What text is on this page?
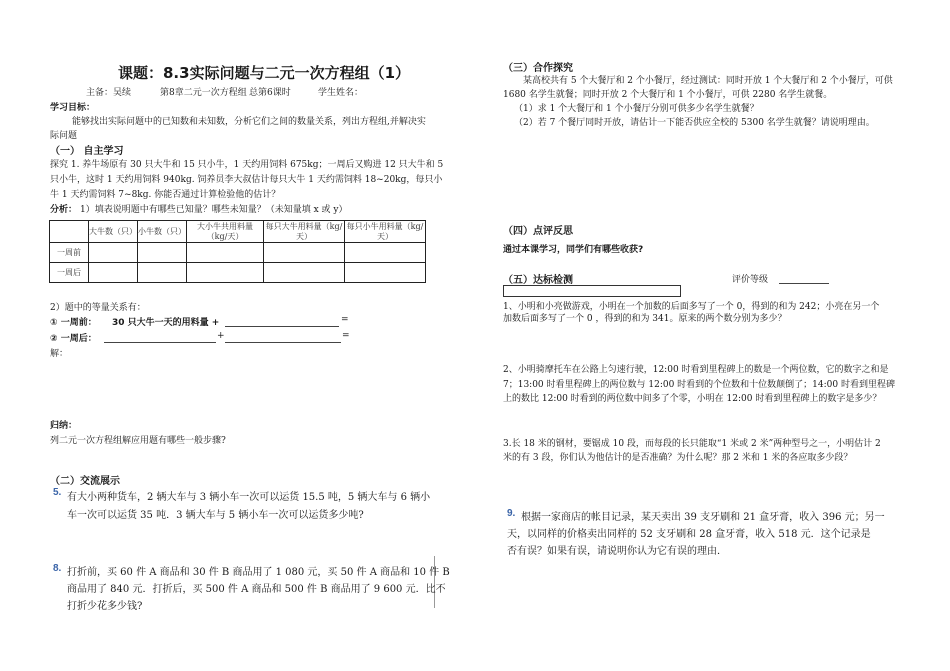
课题：8.3实际问题与二元一次方程组（1）
主备：吴续	第8章二元一次方程组 总第6课时	学生姓名：
学习目标：
能够找出实际问题中的已知数和未知数，分析它们之间的数量关系，列出方程组,并解决实
际问题
（一） 自主学习
探究 1. 养牛场原有 30 只大牛和 15 只小牛，1 天约用饲料 675kg；一周后又购进 12 只大牛和 5
只小牛，这时 1 天约用饲料 940kg. 饲养员李大叔估计每只大牛 1 天约需饲料 18~20kg，每只小
牛 1 天约需饲料 7~8kg. 你能否通过计算检验他的估计？
分析： 1）填表说明题中有哪些已知量？哪些未知量？（未知量填 x 或 y）
	大牛数（只）	小牛数（只）	大小牛共用料量（kg/天）	每只大牛用料量（kg/天）	每只小牛用料量（kg/天）
一周前					
一周后					
2）题中的等量关系有：
① 一周前： 30 只大牛一天的用料量 +	=
② 一周后：	+	=
解：
归纳：
列二元一次方程组解应用题有哪些一般步骤?
（二）交流展示
5. 有大小两种货车，2 辆大车与 3 辆小车一次可以运货 15.5 吨，5 辆大车与 6 辆小
车一次可以运货 35 吨．3 辆大车与 5 辆小车一次可以运货多少吨?
8. 打折前，买 60 件 A 商品和 30 件 B 商品用了 1 080 元，买 50 件 A 商品和 10 件 B
商品用了 840 元．打折后，买 500 件 A 商品和 500 件 B 商品用了 9 600 元．比不
打折少花多少钱?
（三）合作探究
某高校共有 5 个大餐厅和 2 个小餐厅，经过测试：同时开放 1 个大餐厅和 2 个小餐厅，可供
1680 名学生就餐；同时开放 2 个大餐厅和 1 个小餐厅，可供 2280 名学生就餐。
（1）求 1 个大餐厅和 1 个小餐厅分别可供多少名学生就餐？
（2）若 7 个餐厅同时开放，请估计一下能否供应全校的 5300 名学生就餐？请说明理由。
（四）点评反思
通过本课学习，同学们有哪些收获?
（五）达标检测	评价等级
1、小明和小亮做游戏，小明在一个加数的后面多写了一个 0，得到的和为 242；小亮在另一个
加数后面多写了一个 0 ，得到的和为 341。原来的两个数分别为多少？
2、小明骑摩托车在公路上匀速行驶，12:00 时看到里程碑上的数是一个两位数，它的数字之和是
7；13:00 时看里程碑上的两位数与 12:00 时看到的个位数和十位数颠倒了；14:00 时看到里程碑
上的数比 12:00 时看到的两位数中间多了个零，小明在 12:00 时看到里程碑上的数字是多少？
3.长 18 米的钢材，要锯成 10 段，而每段的长只能取“1 米或 2 米”两种型号之一，小明估计 2
米的有 3 段，你们认为他估计的是否准确？为什么呢？那 2 米和 1 米的各应取多少段？
9. 根据一家商店的帐目记录，某天卖出 39 支牙刷和 21 盒牙膏，收入 396 元；另一
天，以同样的价格卖出同样的 52 支牙刷和 28 盒牙膏，收入 518 元．这个记录是
否有误？如果有误，请说明你认为它有误的理由．
